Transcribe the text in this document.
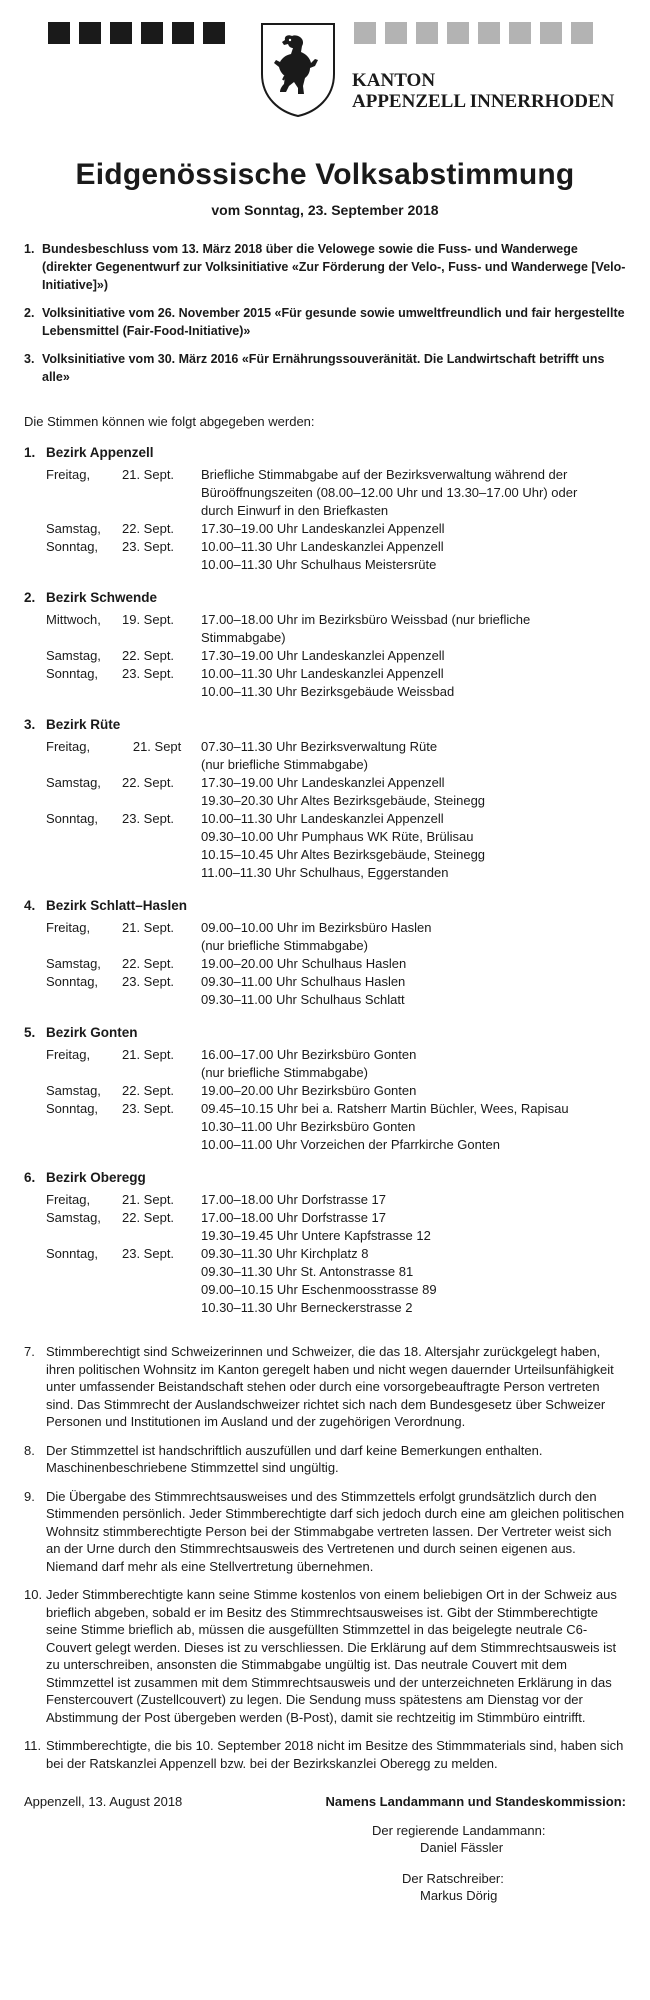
KANTON
APPENZELL INNERRHODEN
Eidgenössische Volksabstimmung
vom Sonntag, 23. September 2018
1. Bundesbeschluss vom 13. März 2018 über die Velowege sowie die Fuss- und Wanderwege (direkter Gegenentwurf zur Volksinitiative «Zur Förderung der Velo-, Fuss- und Wanderwege [Velo-Initiative]»)
2. Volksinitiative vom 26. November 2015 «Für gesunde sowie umweltfreundlich und fair hergestellte Lebensmittel (Fair-Food-Initiative)»
3. Volksinitiative vom 30. März 2016 «Für Ernährungssouveränität. Die Landwirtschaft betrifft uns alle»
Die Stimmen können wie folgt abgegeben werden:
1. Bezirk Appenzell
Freitag,	21. Sept.	Briefliche Stimmabgabe auf der Bezirksverwaltung während der
Büroöffnungszeiten (08.00–12.00 Uhr und 13.30–17.00 Uhr) oder
durch Einwurf in den Briefkasten
Samstag,	22. Sept.	17.30–19.00 Uhr Landeskanzlei Appenzell
Sonntag,	23. Sept.	10.00–11.30 Uhr Landeskanzlei Appenzell
10.00–11.30 Uhr Schulhaus Meistersrüte
2. Bezirk Schwende
Mittwoch,	19. Sept.	17.00–18.00 Uhr im Bezirksbüro Weissbad (nur briefliche
Stimmabgabe)
Samstag,	22. Sept.	17.30–19.00 Uhr Landeskanzlei Appenzell
Sonntag,	23. Sept.	10.00–11.30 Uhr Landeskanzlei Appenzell
10.00–11.30 Uhr Bezirksgebäude Weissbad
3. Bezirk Rüte
Freitag,	21. Sept	07.30–11.30 Uhr Bezirksverwaltung Rüte
(nur briefliche Stimmabgabe)
Samstag,	22. Sept.	17.30–19.00 Uhr Landeskanzlei Appenzell
19.30–20.30 Uhr Altes Bezirksgebäude, Steinegg
Sonntag,	23. Sept.	10.00–11.30 Uhr Landeskanzlei Appenzell
09.30–10.00 Uhr Pumphaus WK Rüte, Brülisau
10.15–10.45 Uhr Altes Bezirksgebäude, Steinegg
11.00–11.30 Uhr Schulhaus, Eggerstanden
4. Bezirk Schlatt–Haslen
Freitag,	21. Sept.	09.00–10.00 Uhr im Bezirksbüro Haslen
(nur briefliche Stimmabgabe)
Samstag,	22. Sept.	19.00–20.00 Uhr Schulhaus Haslen
Sonntag,	23. Sept.	09.30–11.00 Uhr Schulhaus Haslen
09.30–11.00 Uhr Schulhaus Schlatt
5. Bezirk Gonten
Freitag,	21. Sept.	16.00–17.00 Uhr Bezirksbüro Gonten
(nur briefliche Stimmabgabe)
Samstag,	22. Sept.	19.00–20.00 Uhr Bezirksbüro Gonten
Sonntag,	23. Sept.	09.45–10.15 Uhr bei a. Ratsherr Martin Büchler, Wees, Rapisau
10.30–11.00 Uhr Bezirksbüro Gonten
10.00–11.00 Uhr Vorzeichen der Pfarrkirche Gonten
6. Bezirk Oberegg
Freitag,	21. Sept.	17.00–18.00 Uhr Dorfstrasse 17
Samstag,	22. Sept.	17.00–18.00 Uhr Dorfstrasse 17
19.30–19.45 Uhr Untere Kapfstrasse 12
Sonntag,	23. Sept.	09.30–11.30 Uhr Kirchplatz 8
09.30–11.30 Uhr St. Antonstrasse 81
09.00–10.15 Uhr Eschenmoosstrasse 89
10.30–11.30 Uhr Berneckerstrasse 2
7. Stimmberechtigt sind Schweizerinnen und Schweizer, die das 18. Altersjahr zurückgelegt haben, ihren politischen Wohnsitz im Kanton geregelt haben und nicht wegen dauernder Urteilsunfähigkeit unter umfassender Beistandschaft stehen oder durch eine vorsorgebeauftragte Person vertreten sind. Das Stimmrecht der Auslandschweizer richtet sich nach dem Bundesgesetz über Schweizer Personen und Institutionen im Ausland und der zugehörigen Verordnung.
8. Der Stimmzettel ist handschriftlich auszufüllen und darf keine Bemerkungen enthalten. Maschinenbeschriebene Stimmzettel sind ungültig.
9. Die Übergabe des Stimmrechtsausweises und des Stimmzettels erfolgt grundsätzlich durch den Stimmenden persönlich. Jeder Stimmberechtigte darf sich jedoch durch eine am gleichen politischen Wohnsitz stimmberechtigte Person bei der Stimmabgabe vertreten lassen. Der Vertreter weist sich an der Urne durch den Stimmrechtsausweis des Vertretenen und durch seinen eigenen aus. Niemand darf mehr als eine Stellvertretung übernehmen.
10. Jeder Stimmberechtigte kann seine Stimme kostenlos von einem beliebigen Ort in der Schweiz aus brieflich abgeben, sobald er im Besitz des Stimmrechtsausweises ist. Gibt der Stimmberechtigte seine Stimme brieflich ab, müssen die ausgefüllten Stimmzettel in das beigelegte neutrale C6-Couvert gelegt werden. Dieses ist zu verschliessen. Die Erklärung auf dem Stimmrechtsausweis ist zu unterschreiben, ansonsten die Stimmabgabe ungültig ist. Das neutrale Couvert mit dem Stimmzettel ist zusammen mit dem Stimmrechtsausweis und der unterzeichneten Erklärung in das Fenstercouvert (Zustellcouvert) zu legen. Die Sendung muss spätestens am Dienstag vor der Abstimmung der Post übergeben werden (B-Post), damit sie rechtzeitig im Stimmbüro eintrifft.
11. Stimmberechtigte, die bis 10. September 2018 nicht im Besitze des Stimmmaterials sind, haben sich bei der Ratskanzlei Appenzell bzw. bei der Bezirkskanzlei Oberegg zu melden.
Appenzell, 13. August 2018	Namens Landammann und Standeskommission:
Der regierende Landammann:
Daniel Fässler
Der Ratschreiber:
Markus Dörig
